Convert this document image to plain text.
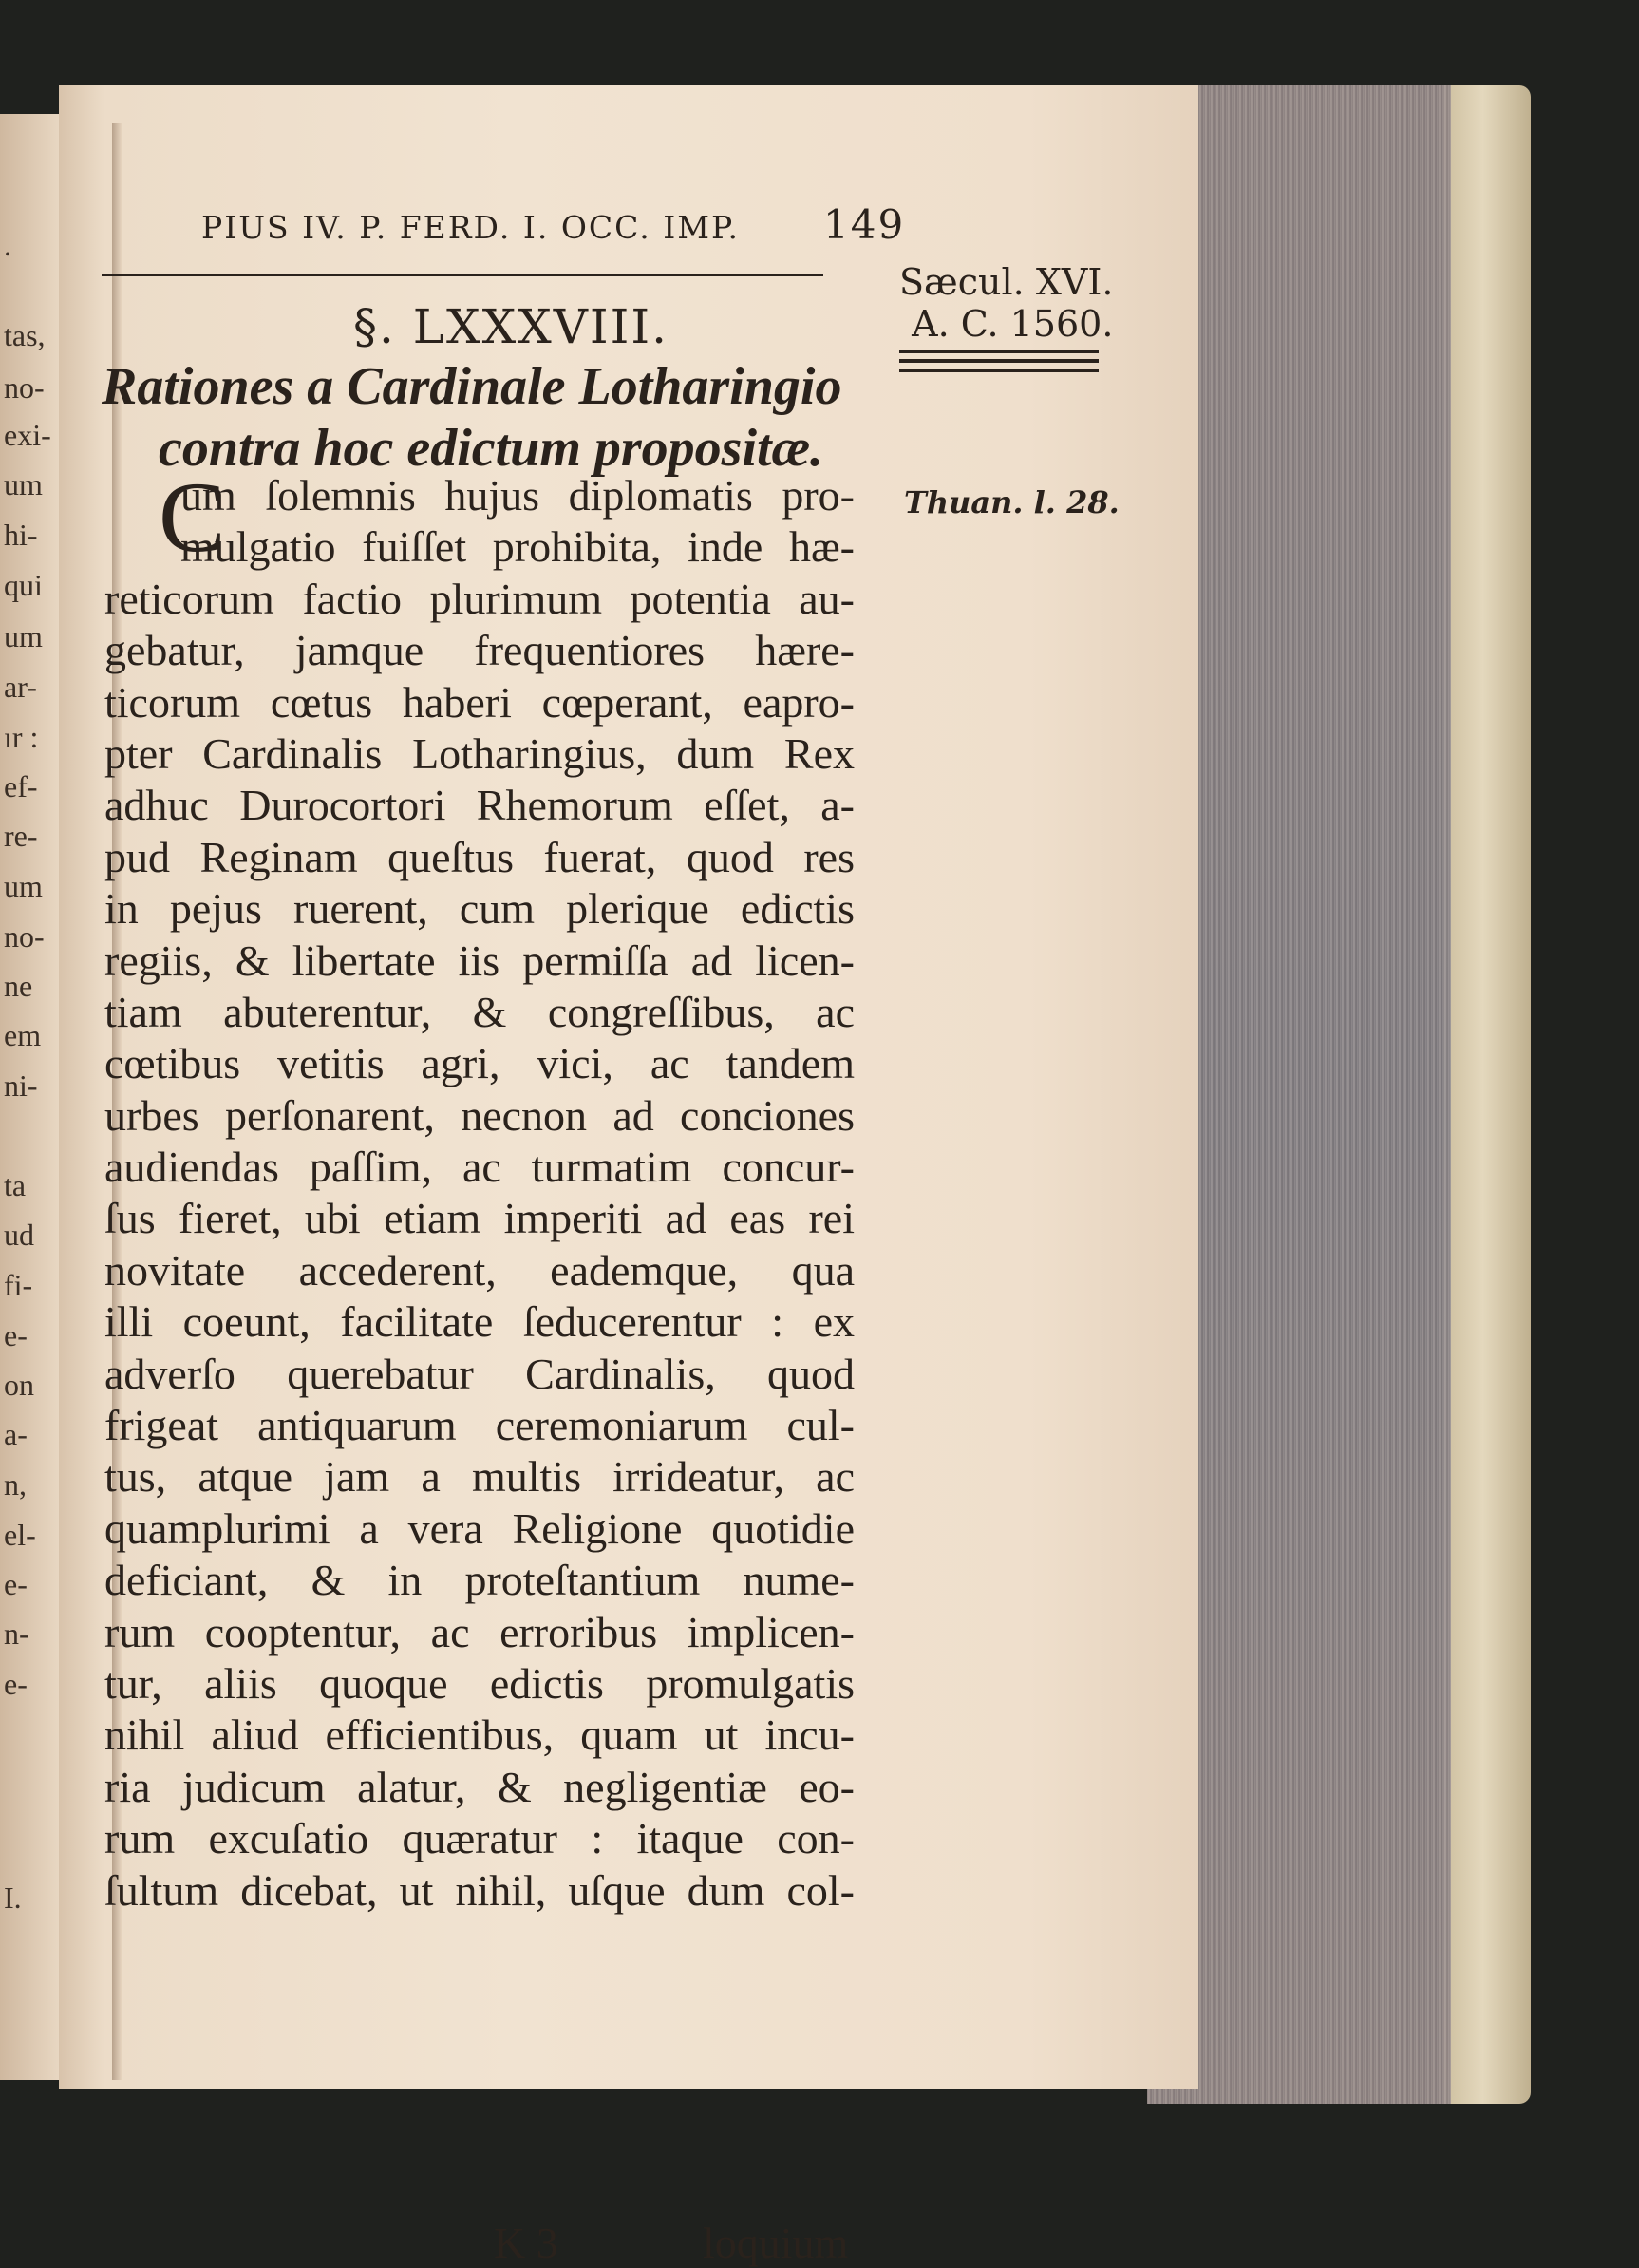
.
tas,
no-
exi-
um
hi-
qui
um
ar-
ır :
ef-
re-
um
no-
ne
em
ni-
ta
ud
fi-
e-
on
a-
n,
el-
e-
n-
e-
I.
PIUS IV. P. FERD. I. OCC. IMP. 149
Sæcul. XVI.
A. C. 1560.
§. LXXXVIII.
Rationes a Cardinale Lotharingio
contra hoc edictum propositæ.
Thuan. l. 28.
C
um ſolemnis hujus diplomatis pro-
mulgatio fuiſſet prohibita, inde hæ-
reticorum factio plurimum potentia au-
gebatur, jamque frequentiores hære-
ticorum cœtus haberi cœperant, eapro-
pter Cardinalis Lotharingius, dum Rex
adhuc Durocortori Rhemorum eſſet, a-
pud Reginam queſtus fuerat, quod res
in pejus ruerent, cum plerique edictis
regiis, & libertate iis permiſſa ad licen-
tiam abuterentur, & congreſſibus, ac
cœtibus vetitis agri, vici, ac tandem
urbes perſonarent, necnon ad conciones
audiendas paſſim, ac turmatim concur-
ſus fieret, ubi etiam imperiti ad eas rei
novitate accederent, eademque, qua
illi coeunt, facilitate ſeducerentur : ex
adverſo querebatur Cardinalis, quod
frigeat antiquarum ceremoniarum cul-
tus, atque jam a multis irrideatur, ac
quamplurimi a vera Religione quotidie
deficiant, & in proteſtantium nume-
rum cooptentur, ac erroribus implicen-
tur, aliis quoque edictis promulgatis
nihil aliud efficientibus, quam ut incu-
ria judicum alatur, & negligentiæ eo-
rum excuſatio quæratur : itaque con-
ſultum dicebat, ut nihil, uſque dum col-
K 3	loquium
